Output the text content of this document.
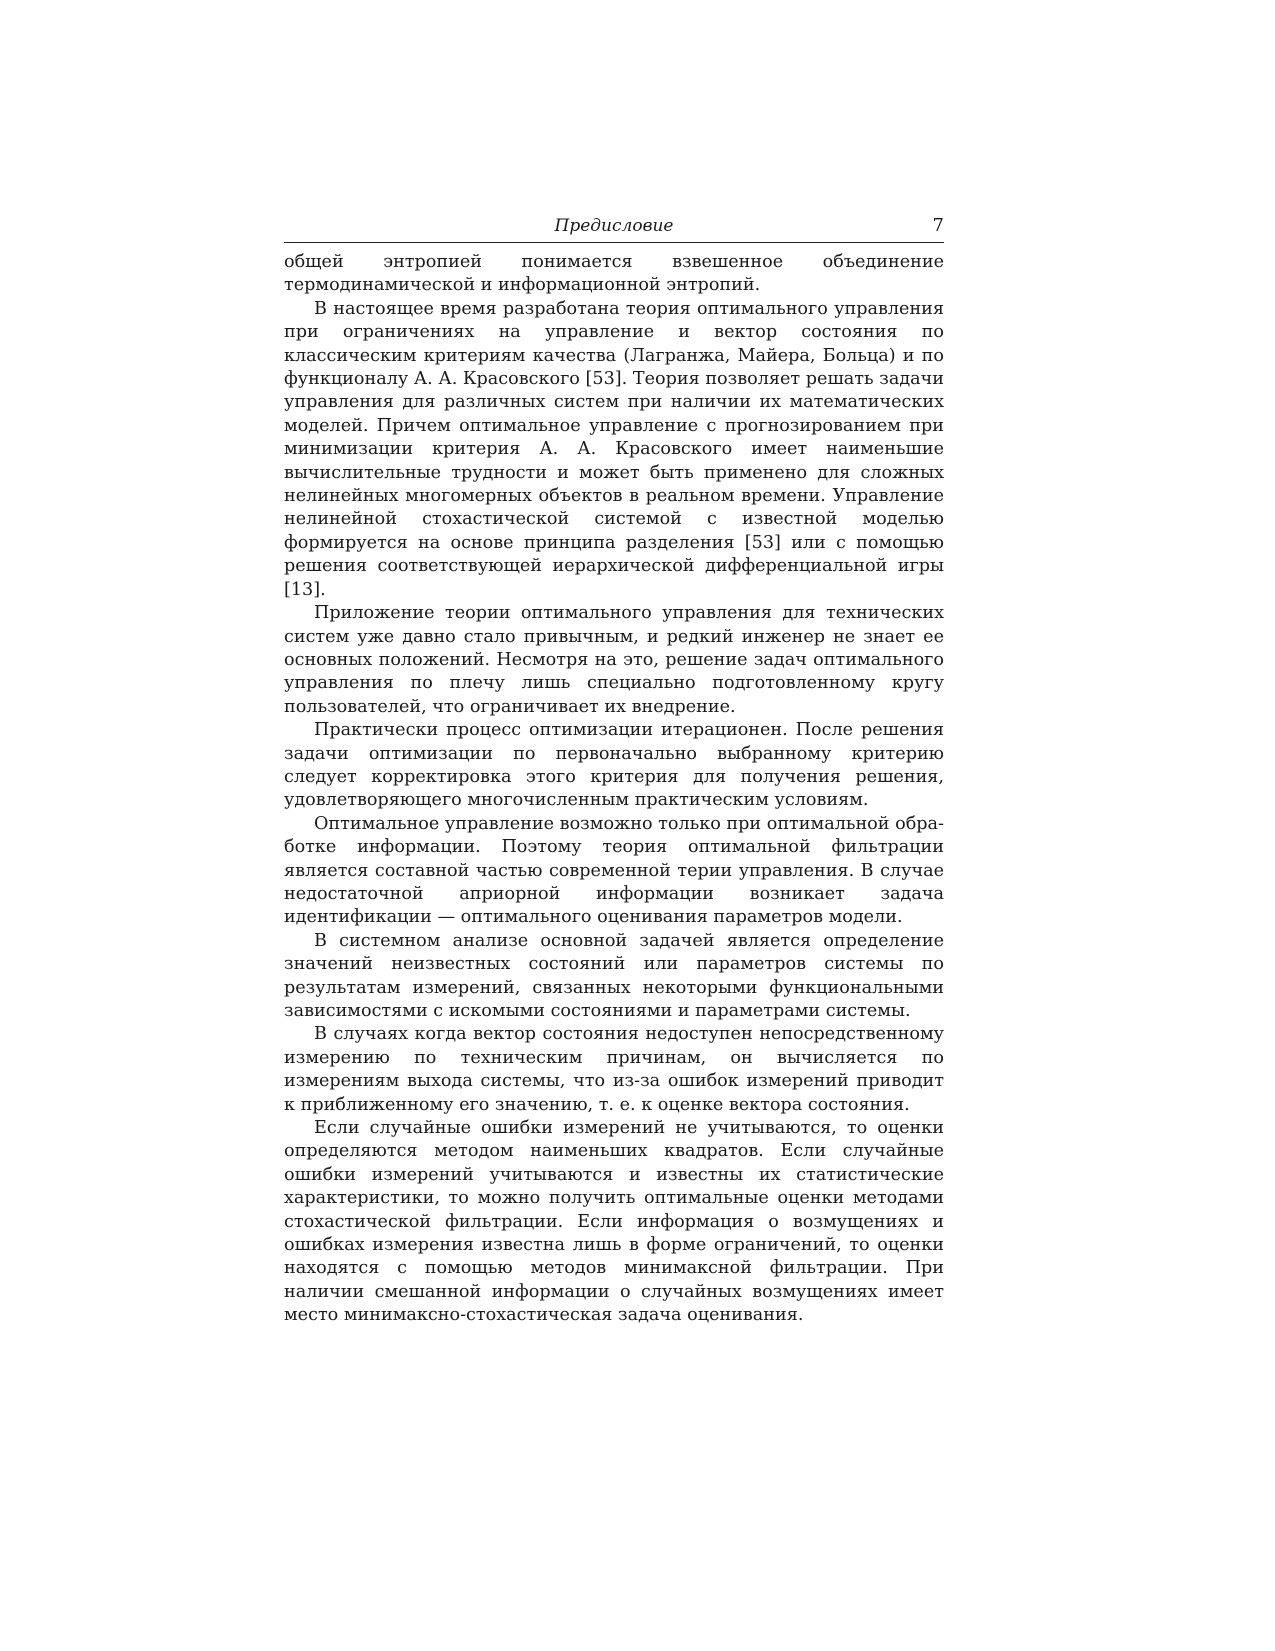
Предисловие	7

общей энтропией понимается взвешенное объединение термодинамической и информационной энтропий.

В настоящее время разработана теория оптимального управления при ограничениях на управление и вектор состояния по классическим критериям качества (Лагранжа, Майера, Больца) и по функционалу А. А. Красовского [53]. Теория позволяет решать задачи управления для различных систем при наличии их математических моделей. Причем оптимальное управление с прогнозированием при минимизации критерия А. А. Красовского имеет наименьшие вычислительные трудности и может быть применено для сложных нелинейных многомерных объектов в реальном времени. Управление нелинейной стохастической системой с известной моделью формируется на основе принципа разделения [53] или с помощью решения соответствующей иерархической дифференциальной игры [13].

Приложение теории оптимального управления для технических систем уже давно стало привычным, и редкий инженер не знает ее основных положений. Несмотря на это, решение задач оптимального управления по плечу лишь специально подготовленному кругу пользователей, что ограничивает их внедрение.

Практически процесс оптимизации итерационен. После решения задачи оптимизации по первоначально выбранному критерию следует корректировка этого критерия для получения решения, удовлетворяющего многочисленным практическим условиям.

Оптимальное управление возможно только при оптимальной обработке информации. Поэтому теория оптимальной фильтрации является составной частью современной терии управления. В случае недостаточной априорной информации возникает задача идентификации — оптимального оценивания параметров модели.

В системном анализе основной задачей является определение значений неизвестных состояний или параметров системы по результатам измерений, связанных некоторыми функциональными зависимостями с искомыми состояниями и параметрами системы.

В случаях когда вектор состояния недоступен непосредственному измерению по техническим причинам, он вычисляется по измерениям выхода системы, что из-за ошибок измерений приводит к приближенному его значению, т. е. к оценке вектора состояния.

Если случайные ошибки измерений не учитываются, то оценки определяются методом наименьших квадратов. Если случайные ошибки измерений учитываются и известны их статистические характеристики, то можно получить оптимальные оценки методами стохастической фильтрации. Если информация о возмущениях и ошибках измерения известна лишь в форме ограничений, то оценки находятся с помощью методов минимаксной фильтрации. При наличии смешанной информации о случайных возмущениях имеет место минимаксно-стохастическая задача оценивания.
